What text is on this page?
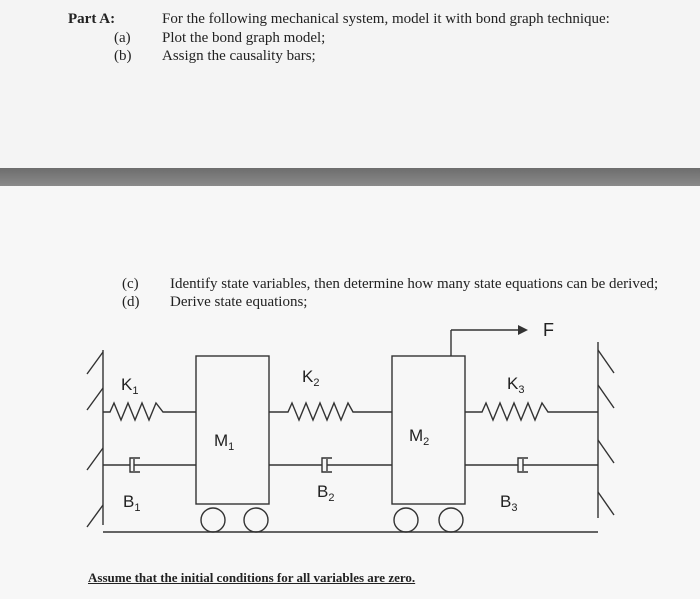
Part A:	For the following mechanical system, model it with bond graph technique:
(a) Plot the bond graph model;
(b) Assign the causality bars;
(c) Identify state variables, then determine how many state equations can be derived;
(d) Derive state equations;
F
$K_1$
$K_2$	$K_3$
$B_1$
$B_2$	$B_3$
$M_1$
$M_2$
Assume that the initial conditions for all variables are zero.
